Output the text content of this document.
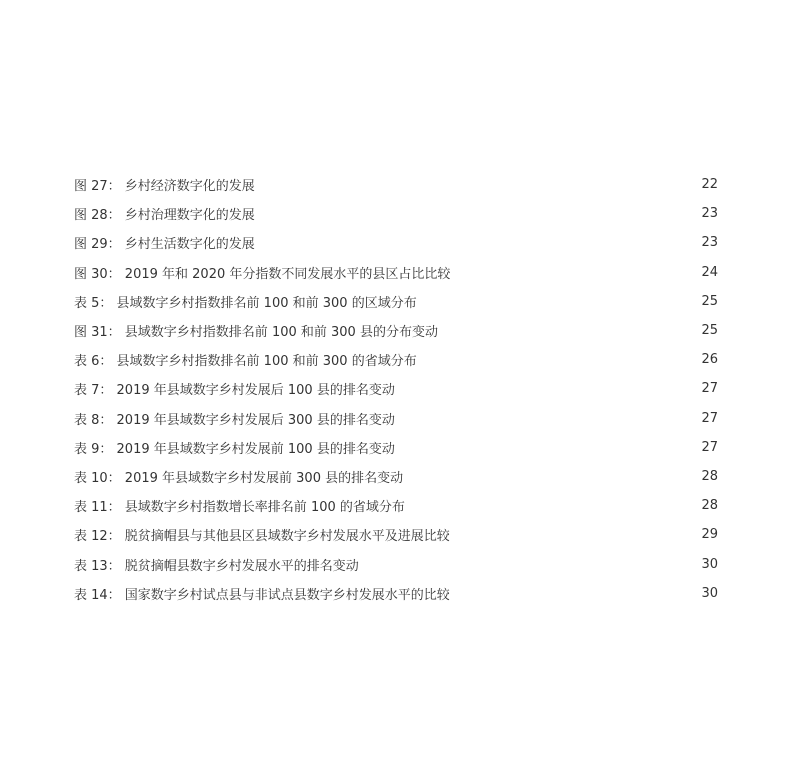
图 27： 乡村经济数字化的发展	22
图 28： 乡村治理数字化的发展	23
图 29： 乡村生活数字化的发展	23
图 30： 2019 年和 2020 年分指数不同发展水平的县区占比比较	24
表 5： 县域数字乡村指数排名前 100 和前 300 的区域分布	25
图 31： 县域数字乡村指数排名前 100 和前 300 县的分布变动	25
表 6： 县域数字乡村指数排名前 100 和前 300 的省域分布	26
表 7： 2019 年县域数字乡村发展后 100 县的排名变动	27
表 8： 2019 年县域数字乡村发展后 300 县的排名变动	27
表 9： 2019 年县域数字乡村发展前 100 县的排名变动	27
表 10： 2019 年县域数字乡村发展前 300 县的排名变动	28
表 11： 县域数字乡村指数增长率排名前 100 的省域分布	28
表 12： 脱贫摘帽县与其他县区县域数字乡村发展水平及进展比较	29
表 13： 脱贫摘帽县数字乡村发展水平的排名变动	30
表 14： 国家数字乡村试点县与非试点县数字乡村发展水平的比较	30
